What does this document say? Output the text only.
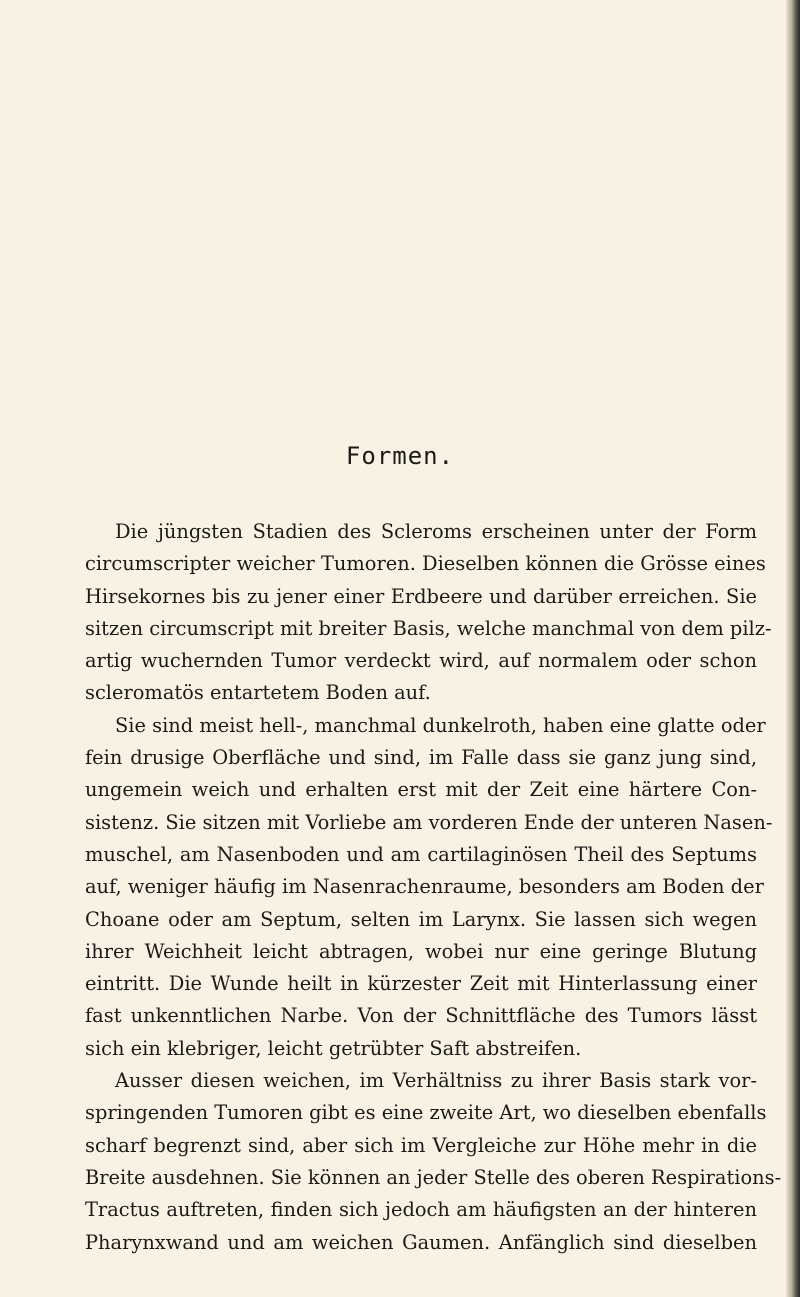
Formen.
Die jüngsten Stadien des Scleroms erscheinen unter der Form
circumscripter weicher Tumoren. Dieselben können die Grösse eines
Hirsekornes bis zu jener einer Erdbeere und darüber erreichen. Sie
sitzen circumscript mit breiter Basis, welche manchmal von dem pilz-
artig wuchernden Tumor verdeckt wird, auf normalem oder schon
scleromatös entartetem Boden auf.
Sie sind meist hell-, manchmal dunkelroth, haben eine glatte oder
fein drusige Oberfläche und sind, im Falle dass sie ganz jung sind,
ungemein weich und erhalten erst mit der Zeit eine härtere Con-
sistenz. Sie sitzen mit Vorliebe am vorderen Ende der unteren Nasen-
muschel, am Nasenboden und am cartilaginösen Theil des Septums
auf, weniger häufig im Nasenrachenraume, besonders am Boden der
Choane oder am Septum, selten im Larynx. Sie lassen sich wegen
ihrer Weichheit leicht abtragen, wobei nur eine geringe Blutung
eintritt. Die Wunde heilt in kürzester Zeit mit Hinterlassung einer
fast unkenntlichen Narbe. Von der Schnittfläche des Tumors lässt
sich ein klebriger, leicht getrübter Saft abstreifen.
Ausser diesen weichen, im Verhältniss zu ihrer Basis stark vor-
springenden Tumoren gibt es eine zweite Art, wo dieselben ebenfalls
scharf begrenzt sind, aber sich im Vergleiche zur Höhe mehr in die
Breite ausdehnen. Sie können an jeder Stelle des oberen Respirations-
Tractus auftreten, finden sich jedoch am häufigsten an der hinteren
Pharynxwand und am weichen Gaumen. Anfänglich sind dieselben
